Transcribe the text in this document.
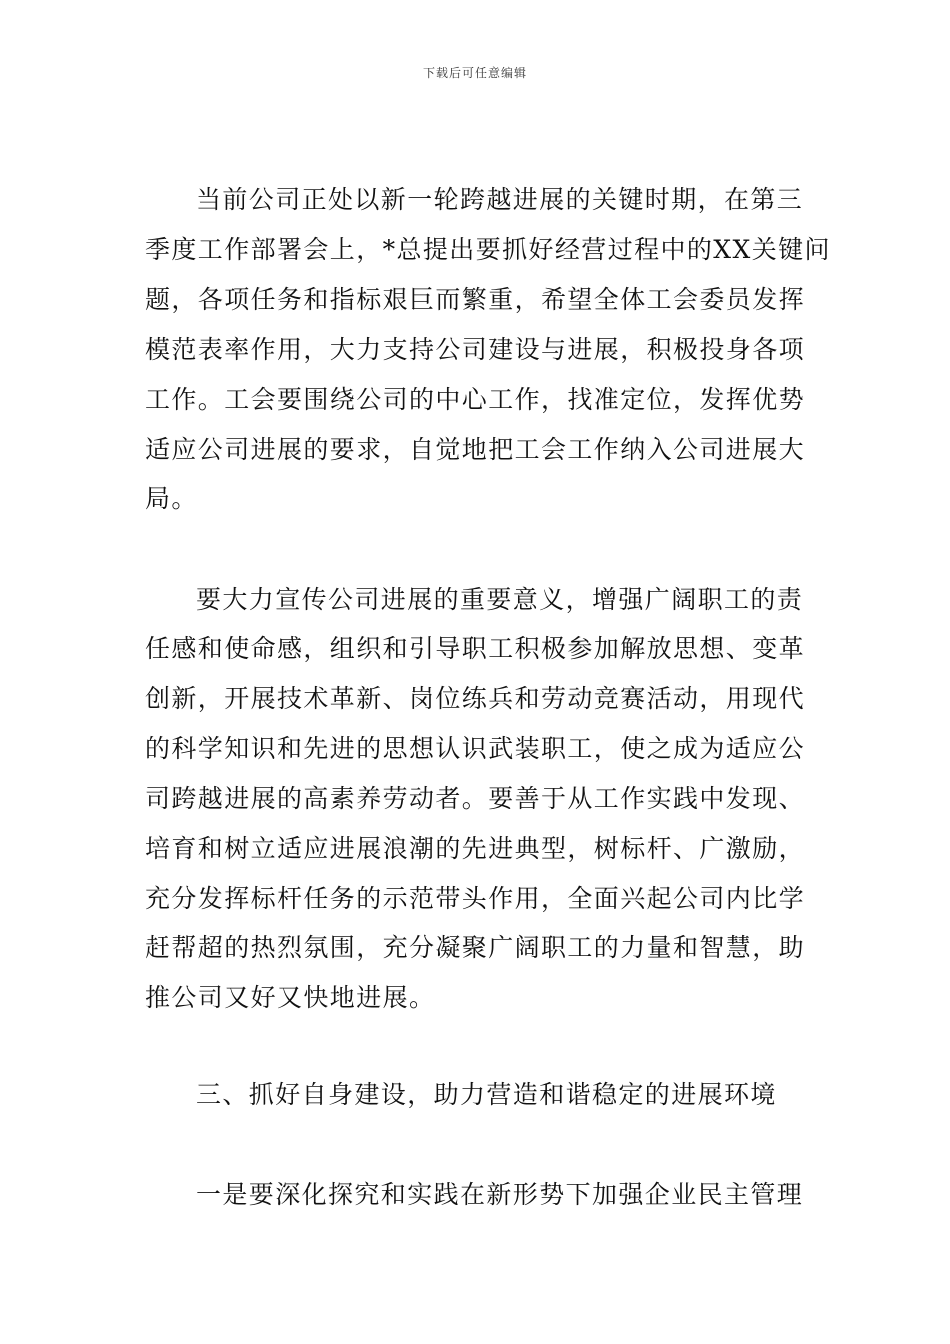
下载后可任意编辑
当前公司正处以新一轮跨越进展的关键时期，在第三
季度工作部署会上，*总提出要抓好经营过程中的XX关键问
题，各项任务和指标艰巨而繁重，希望全体工会委员发挥
模范表率作用，大力支持公司建设与进展，积极投身各项
工作。工会要围绕公司的中心工作，找准定位，发挥优势
适应公司进展的要求，自觉地把工会工作纳入公司进展大
局。
要大力宣传公司进展的重要意义，增强广阔职工的责
任感和使命感，组织和引导职工积极参加解放思想、变革
创新，开展技术革新、岗位练兵和劳动竞赛活动，用现代
的科学知识和先进的思想认识武装职工，使之成为适应公
司跨越进展的高素养劳动者。要善于从工作实践中发现、
培育和树立适应进展浪潮的先进典型，树标杆、广激励，
充分发挥标杆任务的示范带头作用，全面兴起公司内比学
赶帮超的热烈氛围，充分凝聚广阔职工的力量和智慧，助
推公司又好又快地进展。
三、抓好自身建设，助力营造和谐稳定的进展环境
一是要深化探究和实践在新形势下加强企业民主管理
